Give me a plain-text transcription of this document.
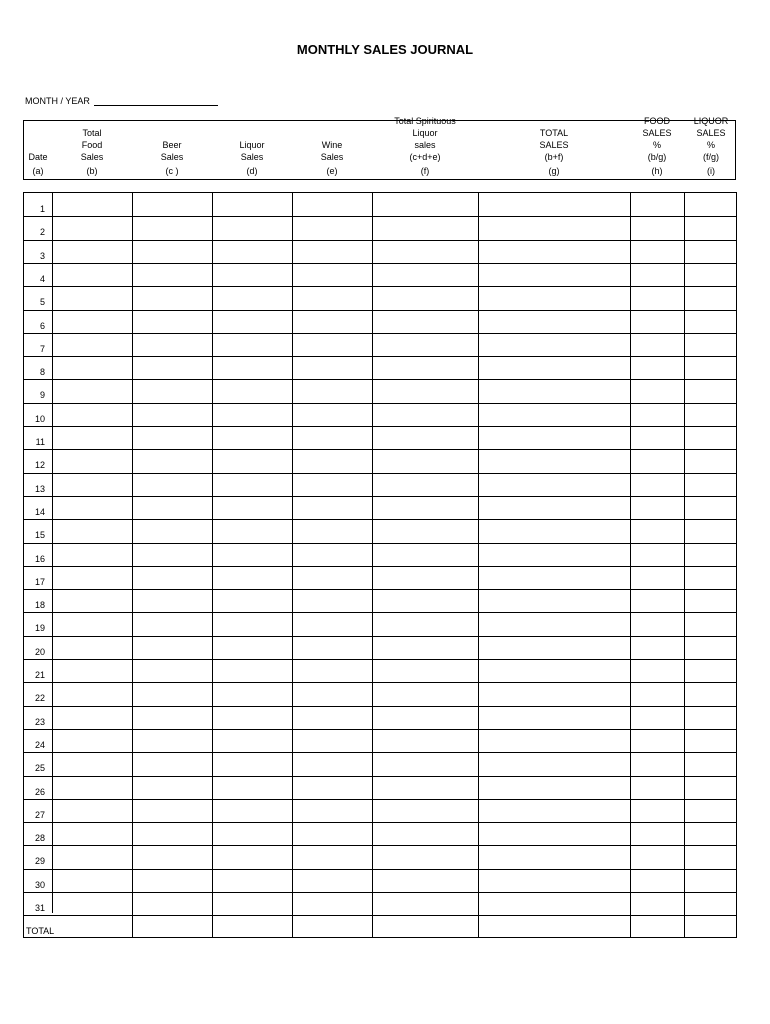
MONTHLY SALES JOURNAL
MONTH / YEAR
Date
(a)
Total
Food
Sales
(b)
Beer
Sales
(c )
Liquor
Sales
(d)
Wine
Sales
(e)
Total Spirituous
Liquor
sales
(c+d+e)
(f)
TOTAL
SALES
(b+f)
(g)
FOOD
SALES
%
(b/g)
(h)
LIQUOR
SALES
%
(f/g)
(i)
1
2
3
4
5
6
7
8
9
10
11
12
13
14
15
16
17
18
19
20
21
22
23
24
25
26
27
28
29
30
31
TOTAL
